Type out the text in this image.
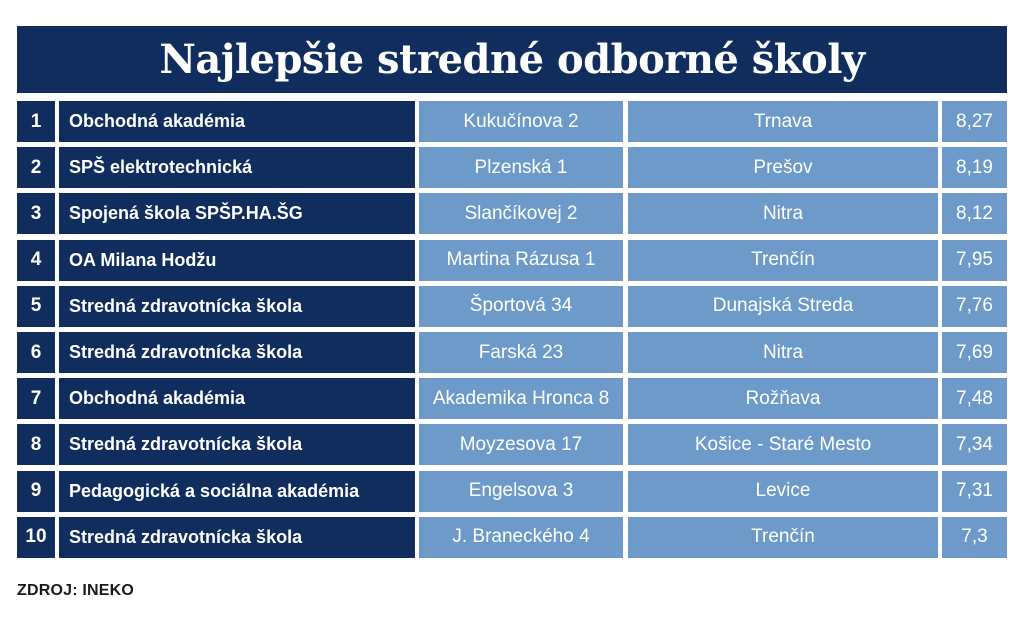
Najlepšie stredné odborné školy
1	Obchodná akadémia	Kukučínova 2	Trnava	8,27
2	SPŠ elektrotechnická	Plzenská 1	Prešov	8,19
3	Spojená škola SPŠP.HA.ŠG	Slančíkovej 2	Nitra	8,12
4	OA Milana Hodžu	Martina Rázusa 1	Trenčín	7,95
5	Stredná zdravotnícka škola	Športová 34	Dunajská Streda	7,76
6	Stredná zdravotnícka škola	Farská 23	Nitra	7,69
7	Obchodná akadémia	Akademika Hronca 8	Rožňava	7,48
8	Stredná zdravotnícka škola	Moyzesova 17	Košice - Staré Mesto	7,34
9	Pedagogická a sociálna akadémia	Engelsova 3	Levice	7,31
10	Stredná zdravotnícka škola	J. Braneckého 4	Trenčín	7,3
ZDROJ: INEKO
